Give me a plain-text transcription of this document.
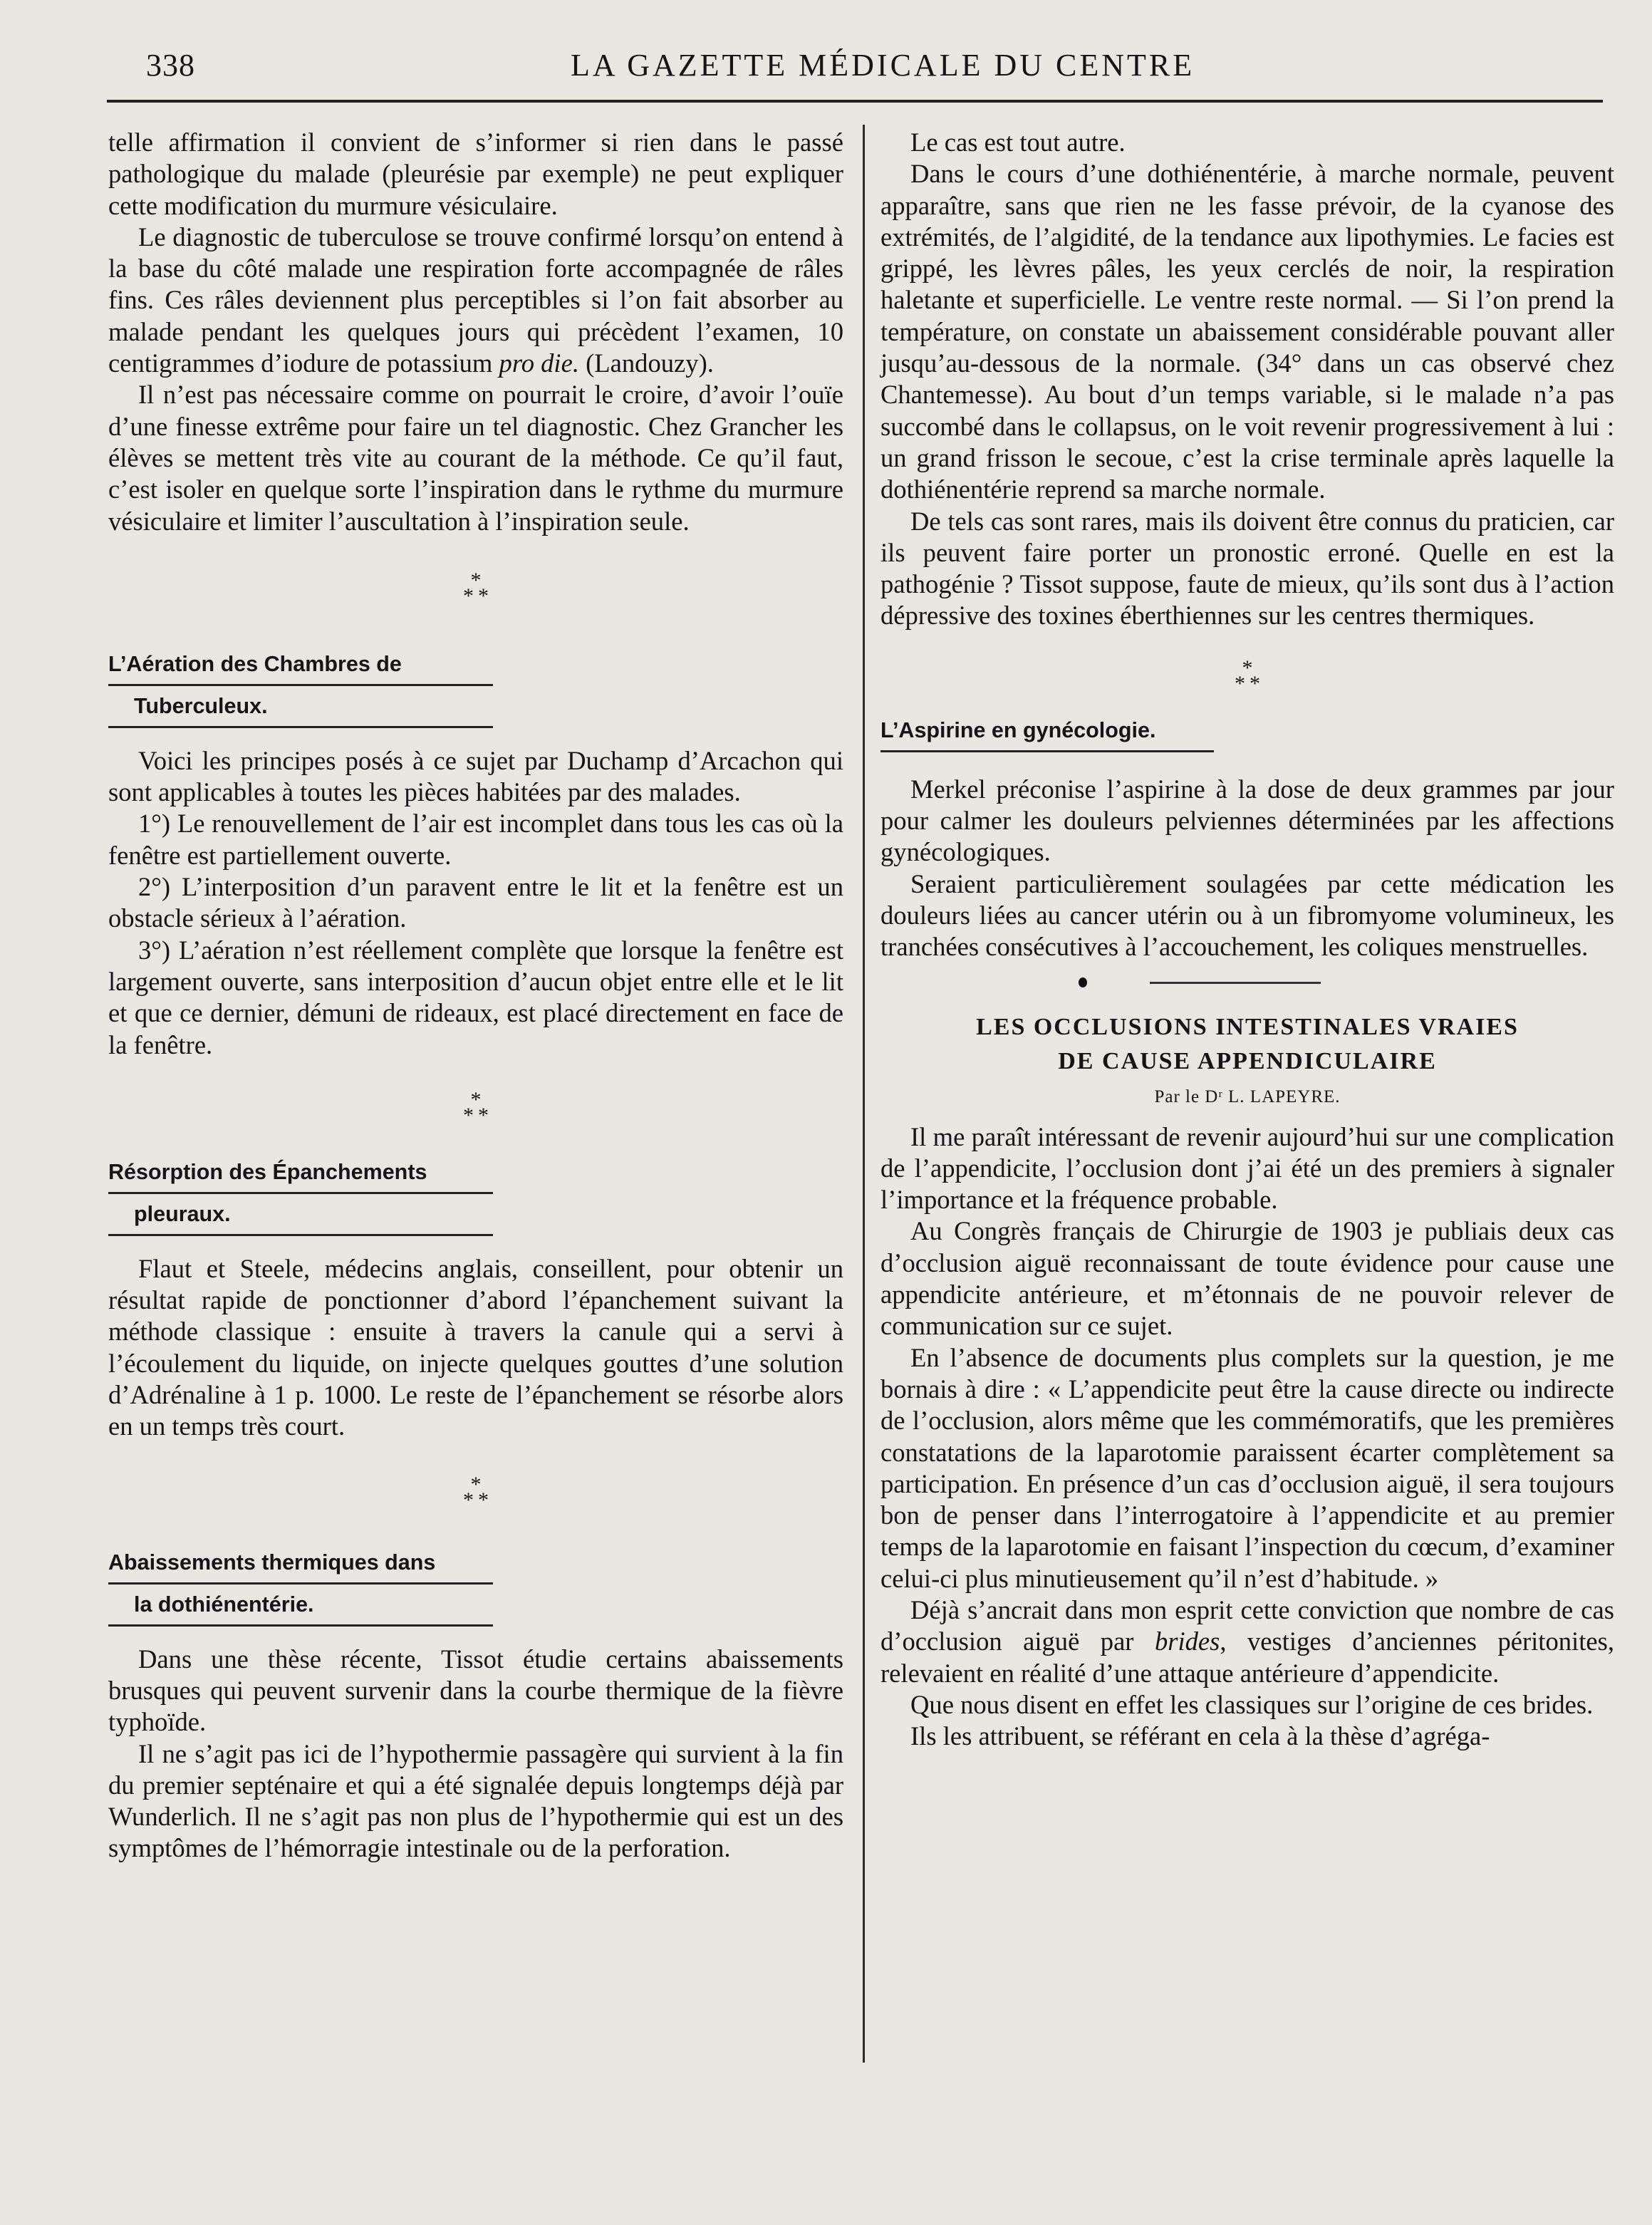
338	LA GAZETTE MÉDICALE DU CENTRE

telle affirmation il convient de s’informer si rien dans le passé pathologique du malade (pleurésie par exemple) ne peut expliquer cette modification du murmure vésiculaire.

Le diagnostic de tuberculose se trouve confirmé lorsqu’on entend à la base du côté malade une respiration forte accompagnée de râles fins. Ces râles deviennent plus perceptibles si l’on fait absorber au malade pendant les quelques jours qui précèdent l’examen, 10 centigrammes d’iodure de potassium pro die. (Landouzy).

Il n’est pas nécessaire comme on pourrait le croire, d’avoir l’ouïe d’une finesse extrême pour faire un tel diagnostic. Chez Grancher les élèves se mettent très vite au courant de la méthode. Ce qu’il faut, c’est isoler en quelque sorte l’inspiration dans le rythme du murmure vésiculaire et limiter l’auscultation à l’inspiration seule.

*
* *
L’Aération des Chambres de
Tuberculeux.

Voici les principes posés à ce sujet par Duchamp d’Arcachon qui sont applicables à toutes les pièces habitées par des malades.

1°) Le renouvellement de l’air est incomplet dans tous les cas où la fenêtre est partiellement ouverte.

2°) L’interposition d’un paravent entre le lit et la fenêtre est un obstacle sérieux à l’aération.

3°) L’aération n’est réellement complète que lorsque la fenêtre est largement ouverte, sans interposition d’aucun objet entre elle et le lit et que ce dernier, démuni de rideaux, est placé directement en face de la fenêtre.

*
* *
Résorption des Épanchements
pleuraux.

Flaut et Steele, médecins anglais, conseillent, pour obtenir un résultat rapide de ponctionner d’abord l’épanchement suivant la méthode classique : ensuite à travers la canule qui a servi à l’écoulement du liquide, on injecte quelques gouttes d’une solution d’Adrénaline à 1 p. 1000. Le reste de l’épanchement se résorbe alors en un temps très court.

*
* *
Abaissements thermiques dans
la dothiénentérie.

Dans une thèse récente, Tissot étudie certains abaissements brusques qui peuvent survenir dans la courbe thermique de la fièvre typhoïde.

Il ne s’agit pas ici de l’hypothermie passagère qui survient à la fin du premier septénaire et qui a été signalée depuis longtemps déjà par Wunderlich. Il ne s’agit pas non plus de l’hypothermie qui est un des symptômes de l’hémorragie intestinale ou de la perforation.

Le cas est tout autre.

Dans le cours d’une dothiénentérie, à marche normale, peuvent apparaître, sans que rien ne les fasse prévoir, de la cyanose des extrémités, de l’algidité, de la tendance aux lipothymies. Le facies est grippé, les lèvres pâles, les yeux cerclés de noir, la respiration haletante et superficielle. Le ventre reste normal. — Si l’on prend la température, on constate un abaissement considérable pouvant aller jusqu’au-dessous de la normale. (34° dans un cas observé chez Chantemesse). Au bout d’un temps variable, si le malade n’a pas succombé dans le collapsus, on le voit revenir progressivement à lui : un grand frisson le secoue, c’est la crise terminale après laquelle la dothiénentérie reprend sa marche normale.

De tels cas sont rares, mais ils doivent être connus du praticien, car ils peuvent faire porter un pronostic erroné. Quelle en est la pathogénie ? Tissot suppose, faute de mieux, qu’ils sont dus à l’action dépressive des toxines éberthiennes sur les centres thermiques.

*
* *
L’Aspirine en gynécologie.

Merkel préconise l’aspirine à la dose de deux grammes par jour pour calmer les douleurs pelviennes déterminées par les affections gynécologiques.

Seraient particulièrement soulagées par cette médication les douleurs liées au cancer utérin ou à un fibromyome volumineux, les tranchées consécutives à l’accouchement, les coliques menstruelles.

LES OCCLUSIONS INTESTINALES VRAIES
DE CAUSE APPENDICULAIRE

Par le Dʳ L. LAPEYRE.

Il me paraît intéressant de revenir aujourd’hui sur une complication de l’appendicite, l’occlusion dont j’ai été un des premiers à signaler l’importance et la fréquence probable.

Au Congrès français de Chirurgie de 1903 je publiais deux cas d’occlusion aiguë reconnaissant de toute évidence pour cause une appendicite antérieure, et m’étonnais de ne pouvoir relever de communication sur ce sujet.

En l’absence de documents plus complets sur la question, je me bornais à dire : « L’appendicite peut être la cause directe ou indirecte de l’occlusion, alors même que les commémoratifs, que les premières constatations de la laparotomie paraissent écarter complètement sa participation. En présence d’un cas d’occlusion aiguë, il sera toujours bon de penser dans l’interrogatoire à l’appendicite et au premier temps de la laparotomie en faisant l’inspection du cœcum, d’examiner celui-ci plus minutieusement qu’il n’est d’habitude. »

Déjà s’ancrait dans mon esprit cette conviction que nombre de cas d’occlusion aiguë par brides, vestiges d’anciennes péritonites, relevaient en réalité d’une attaque antérieure d’appendicite.

Que nous disent en effet les classiques sur l’origine de ces brides.

Ils les attribuent, se référant en cela à la thèse d’agréga-
